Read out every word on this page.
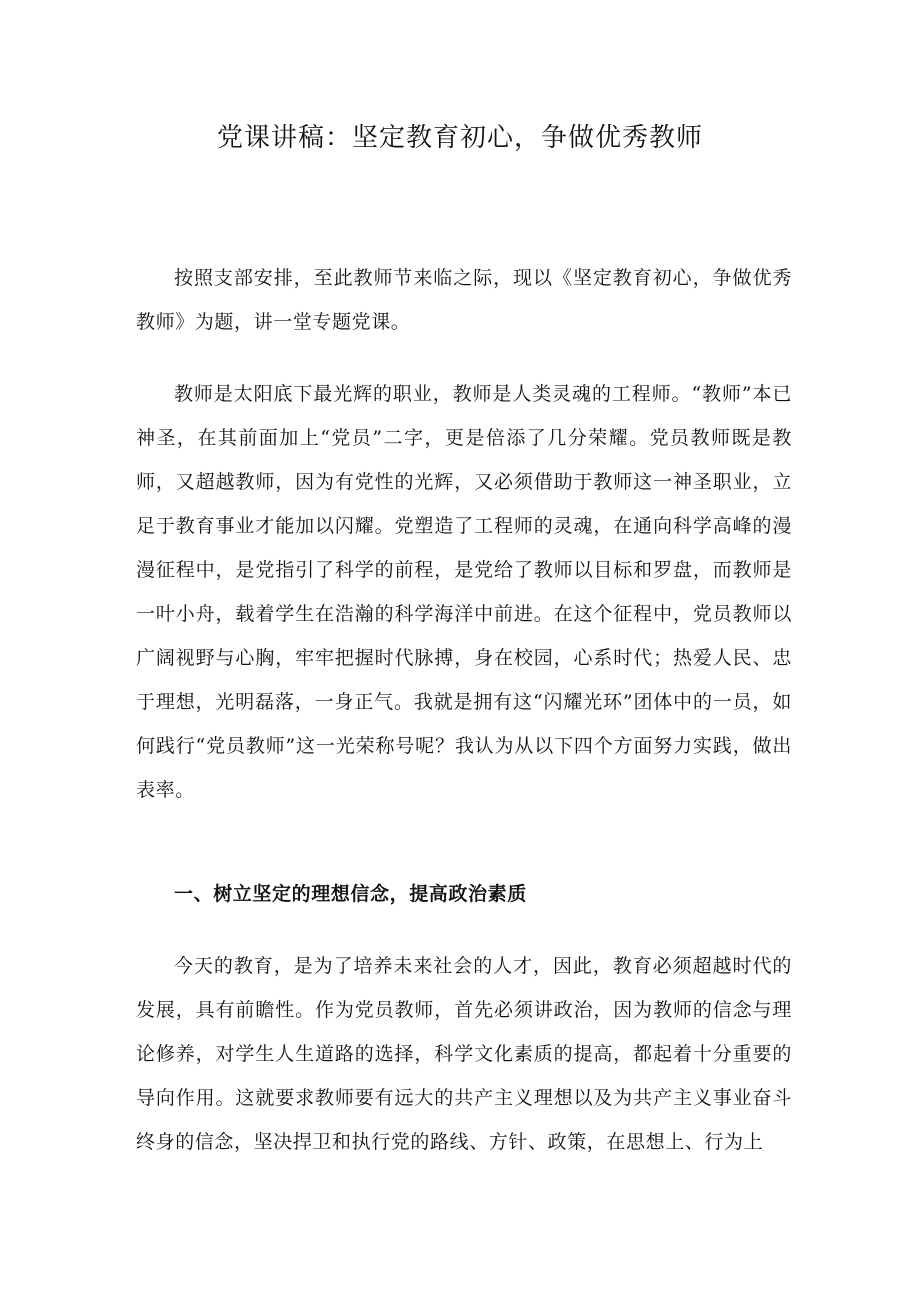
党课讲稿：坚定教育初心，争做优秀教师

按照支部安排，至此教师节来临之际，现以《坚定教育初心，争做优秀教师》为题，讲一堂专题党课。

教师是太阳底下最光辉的职业，教师是人类灵魂的工程师。“教师”本已神圣，在其前面加上“党员”二字，更是倍添了几分荣耀。党员教师既是教师，又超越教师，因为有党性的光辉，又必须借助于教师这一神圣职业，立足于教育事业才能加以闪耀。党塑造了工程师的灵魂，在通向科学高峰的漫漫征程中，是党指引了科学的前程，是党给了教师以目标和罗盘，而教师是一叶小舟，载着学生在浩瀚的科学海洋中前进。在这个征程中，党员教师以广阔视野与心胸，牢牢把握时代脉搏，身在校园，心系时代；热爱人民、忠于理想，光明磊落，一身正气。我就是拥有这“闪耀光环”团体中的一员，如何践行“党员教师”这一光荣称号呢？我认为从以下四个方面努力实践，做出表率。

一、树立坚定的理想信念，提高政治素质

今天的教育，是为了培养未来社会的人才，因此，教育必须超越时代的发展，具有前瞻性。作为党员教师，首先必须讲政治，因为教师的信念与理论修养，对学生人生道路的选择，科学文化素质的提高，都起着十分重要的导向作用。这就要求教师要有远大的共产主义理想以及为共产主义事业奋斗终身的信念，坚决捍卫和执行党的路线、方针、政策，在思想上、行为上
